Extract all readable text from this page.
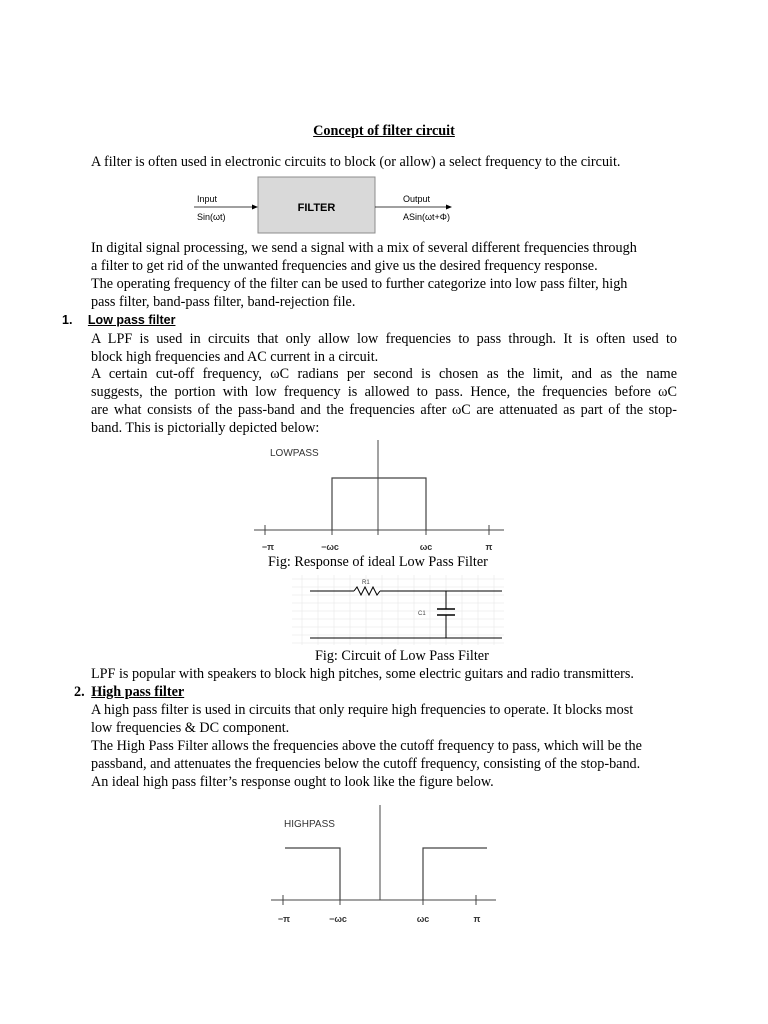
Concept of filter circuit
A filter is often used in electronic circuits to block (or allow) a select frequency to the circuit.
Input
Sin(ωt)
FILTER
Output
ASin(ωt+Φ)
In digital signal processing, we send a signal with a mix of several different frequencies through
a filter to get rid of the unwanted frequencies and give us the desired frequency response.
The operating frequency of the filter can be used to further categorize into low pass filter, high
pass filter, band-pass filter, band-rejection file.
1. Low pass filter
A LPF is used in circuits that only allow low frequencies to pass through. It is often used to
block high frequencies and AC current in a circuit.
A certain cut-off frequency, ωC radians per second is chosen as the limit, and as the name
suggests, the portion with low frequency is allowed to pass. Hence, the frequencies before ωC
are what consists of the pass-band and the frequencies after ωC are attenuated as part of the stop-
band. This is pictorially depicted below:
LOWPASS
−π	−ωc	ωc	π
Fig: Response of ideal Low Pass Filter
R1
C1
Fig: Circuit of Low Pass Filter
LPF is popular with speakers to block high pitches, some electric guitars and radio transmitters.
2. High pass filter
A high pass filter is used in circuits that only require high frequencies to operate. It blocks most
low frequencies & DC component.
The High Pass Filter allows the frequencies above the cutoff frequency to pass, which will be the
passband, and attenuates the frequencies below the cutoff frequency, consisting of the stop-band.
An ideal high pass filter’s response ought to look like the figure below.
HIGHPASS
−π	−ωc	ωc	π
